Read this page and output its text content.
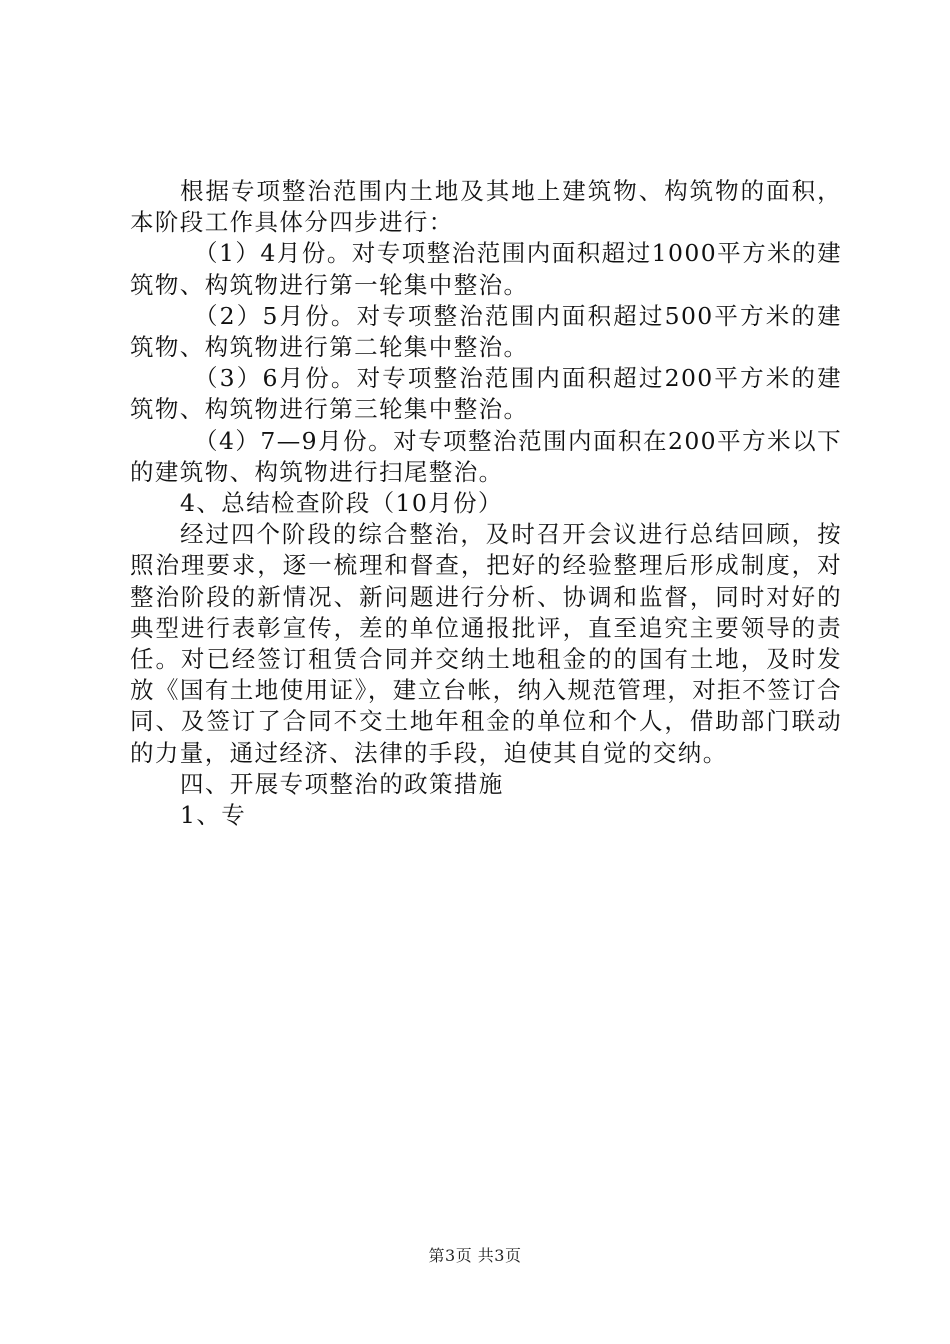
根据专项整治范围内土地及其地上建筑物、构筑物的面积，本阶段工作具体分四步进行：

（1）4月份。对专项整治范围内面积超过1000平方米的建筑物、构筑物进行第一轮集中整治。

（2）5月份。对专项整治范围内面积超过500平方米的建筑物、构筑物进行第二轮集中整治。

（3）6月份。对专项整治范围内面积超过200平方米的建筑物、构筑物进行第三轮集中整治。

（4）7—9月份。对专项整治范围内面积在200平方米以下的建筑物、构筑物进行扫尾整治。

4、总结检查阶段（10月份）

经过四个阶段的综合整治，及时召开会议进行总结回顾，按照治理要求，逐一梳理和督查，把好的经验整理后形成制度，对整治阶段的新情况、新问题进行分析、协调和监督，同时对好的典型进行表彰宣传，差的单位通报批评，直至追究主要领导的责任。对已经签订租赁合同并交纳土地租金的的国有土地，及时发放《国有土地使用证》，建立台帐，纳入规范管理，对拒不签订合同、及签订了合同不交土地年租金的单位和个人，借助部门联动的力量，通过经济、法律的手段，迫使其自觉的交纳。

四、开展专项整治的政策措施

1、专

第3页 共3页
